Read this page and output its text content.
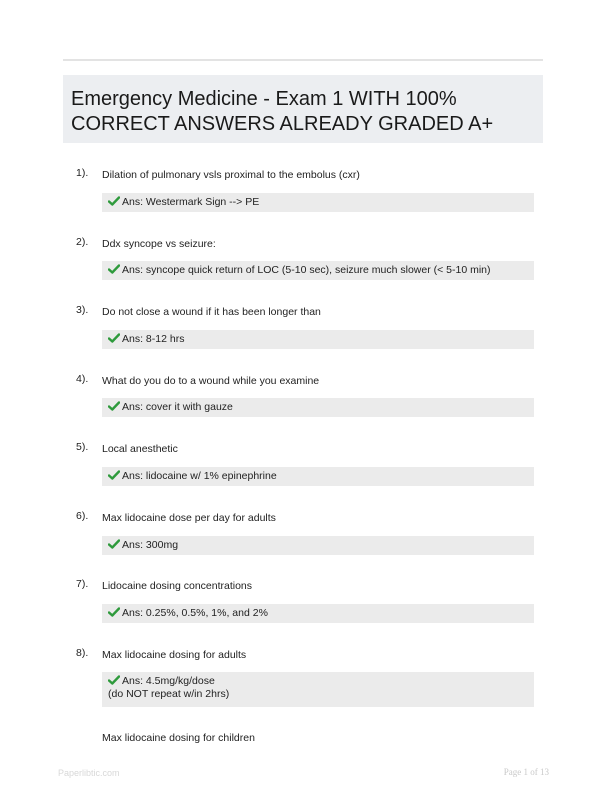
Emergency Medicine - Exam 1 WITH 100% CORRECT ANSWERS ALREADY GRADED A+
1). Dilation of pulmonary vsls proximal to the embolus (cxr)
Ans: Westermark Sign --> PE
2). Ddx syncope vs seizure:
Ans: syncope quick return of LOC (5-10 sec), seizure much slower (< 5-10 min)
3). Do not close a wound if it has been longer than
Ans: 8-12 hrs
4). What do you do to a wound while you examine
Ans: cover it with gauze
5). Local anesthetic
Ans: lidocaine w/ 1% epinephrine
6). Max lidocaine dose per day for adults
Ans: 300mg
7). Lidocaine dosing concentrations
Ans: 0.25%, 0.5%, 1%, and 2%
8). Max lidocaine dosing for adults
Ans: 4.5mg/kg/dose
(do NOT repeat w/in 2hrs)
Max lidocaine dosing for children
Paperlibtic.com	Page 1 of 13
